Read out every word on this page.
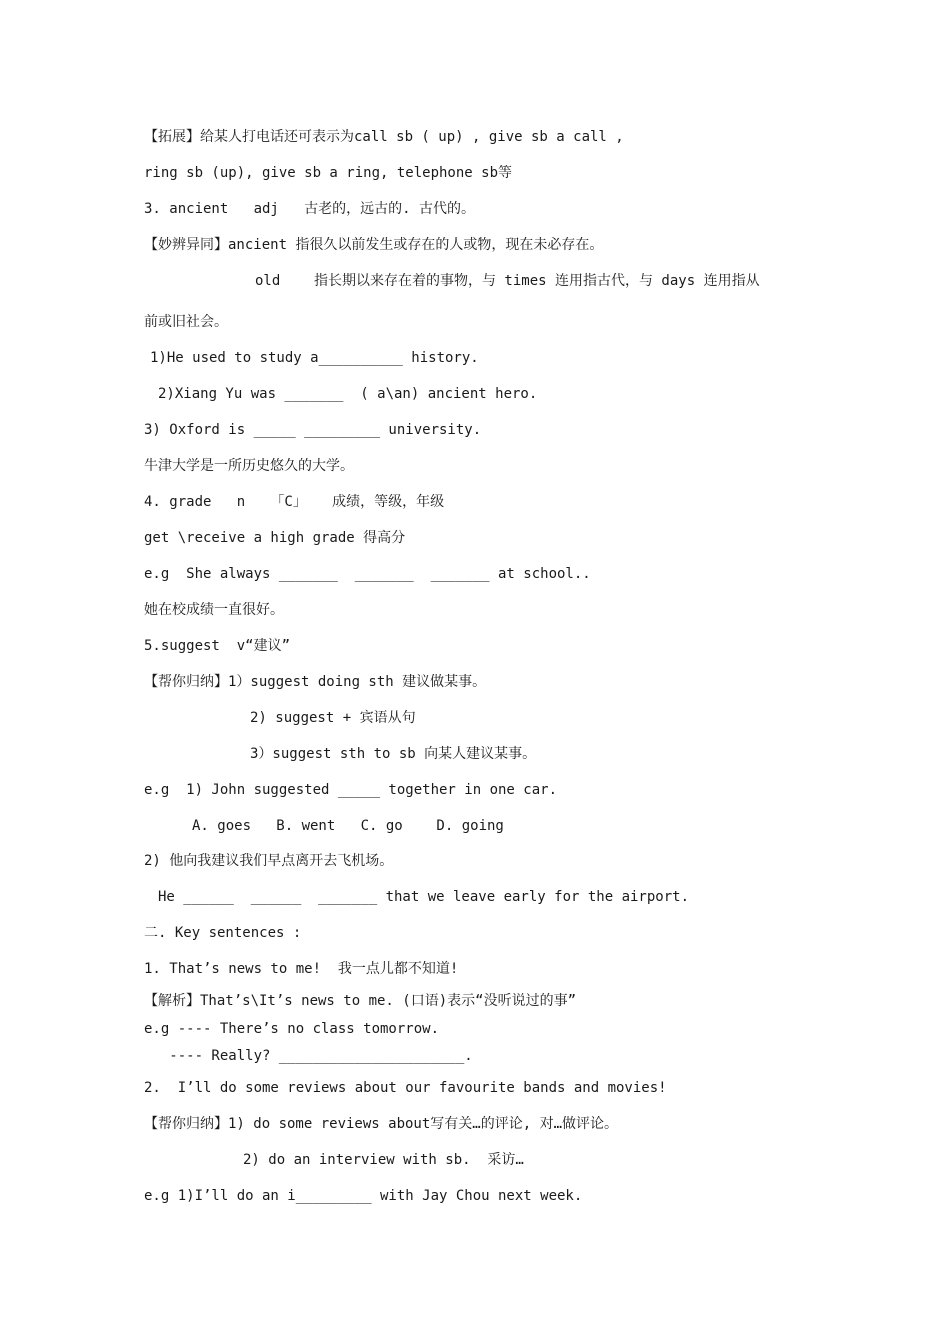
【拓展】给某人打电话还可表示为call sb ( up) , give sb a call ,
ring sb (up), give sb a ring, telephone sb等
3. ancient   adj   古老的，远古的. 古代的。
【妙辨异同】ancient 指很久以前发生或存在的人或物，现在未必存在。
old    指长期以来存在着的事物，与 times 连用指古代，与 days 连用指从
前或旧社会。
1)He used to study a__________ history.
2)Xiang Yu was _______  ( a\an) ancient hero.
3) Oxford is _____ _________ university.
牛津大学是一所历史悠久的大学。
4. grade   n   「C」   成绩，等级，年级
get \receive a high grade 得高分
e.g  She always _______  _______  _______ at school..
她在校成绩一直很好。
5.suggest  v“建议”
【帮你归纳】1）suggest doing sth 建议做某事。
2) suggest + 宾语从句
3）suggest sth to sb 向某人建议某事。
e.g  1) John suggested _____ together in one car.
A. goes   B. went   C. go    D. going
2) 他向我建议我们早点离开去飞机场。
He ______  ______  _______ that we leave early for the airport.
二. Key sentences :
1. That’s news to me!  我一点儿都不知道!
【解析】That’s\It’s news to me. (口语)表示“没听说过的事”
e.g ---- There’s no class tomorrow.
---- Really? ______________________.
2.  I’ll do some reviews about our favourite bands and movies!
【帮你归纳】1) do some reviews about写有关…的评论, 对…做评论。
2) do an interview with sb.  采访…
e.g 1)I’ll do an i_________ with Jay Chou next week.
